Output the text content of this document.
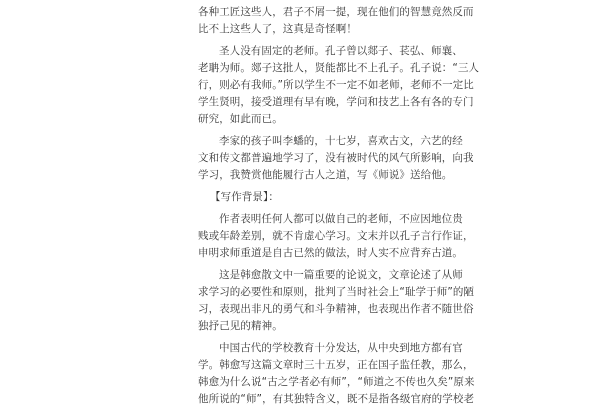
各种工匠这些人，君子不屑一提，现在他们的智慧竟然反而
比不上这些人了，这真是奇怪啊！
圣人没有固定的老师。孔子曾以郯子、苌弘、师襄、
老聃为师。郯子这批人，贤能都比不上孔子。孔子说：“三人
行，则必有我师。”所以学生不一定不如老师，老师不一定比
学生贤明，接受道理有早有晚，学问和技艺上各有各的专门
研究，如此而已。
李家的孩子叫李蟠的，十七岁，喜欢古文，六艺的经
文和传文都普遍地学习了，没有被时代的风气所影响，向我
学习，我赞赏他能履行古人之道，写《师说》送给他。
【写作背景】：
作者表明任何人都可以做自己的老师，不应因地位贵
贱或年龄差别，就不肯虚心学习。文末并以孔子言行作证，
申明求师重道是自古已然的做法，时人实不应背弃古道。
这是韩愈散文中一篇重要的论说文，文章论述了从师
求学习的必要性和原则，批判了当时社会上“耻学于师”的陋
习，表现出非凡的勇气和斗争精神，也表现出作者不随世俗
独抒己见的精神。
中国古代的学校教育十分发达，从中央到地方都有官
学。韩愈写这篇文章时三十五岁，正在国子监任教，那么，
韩愈为什么说“古之学者必有师”，“师道之不传也久矣”原来
他所说的“师”，有其独特含义，既不是指各级官府的学校老
